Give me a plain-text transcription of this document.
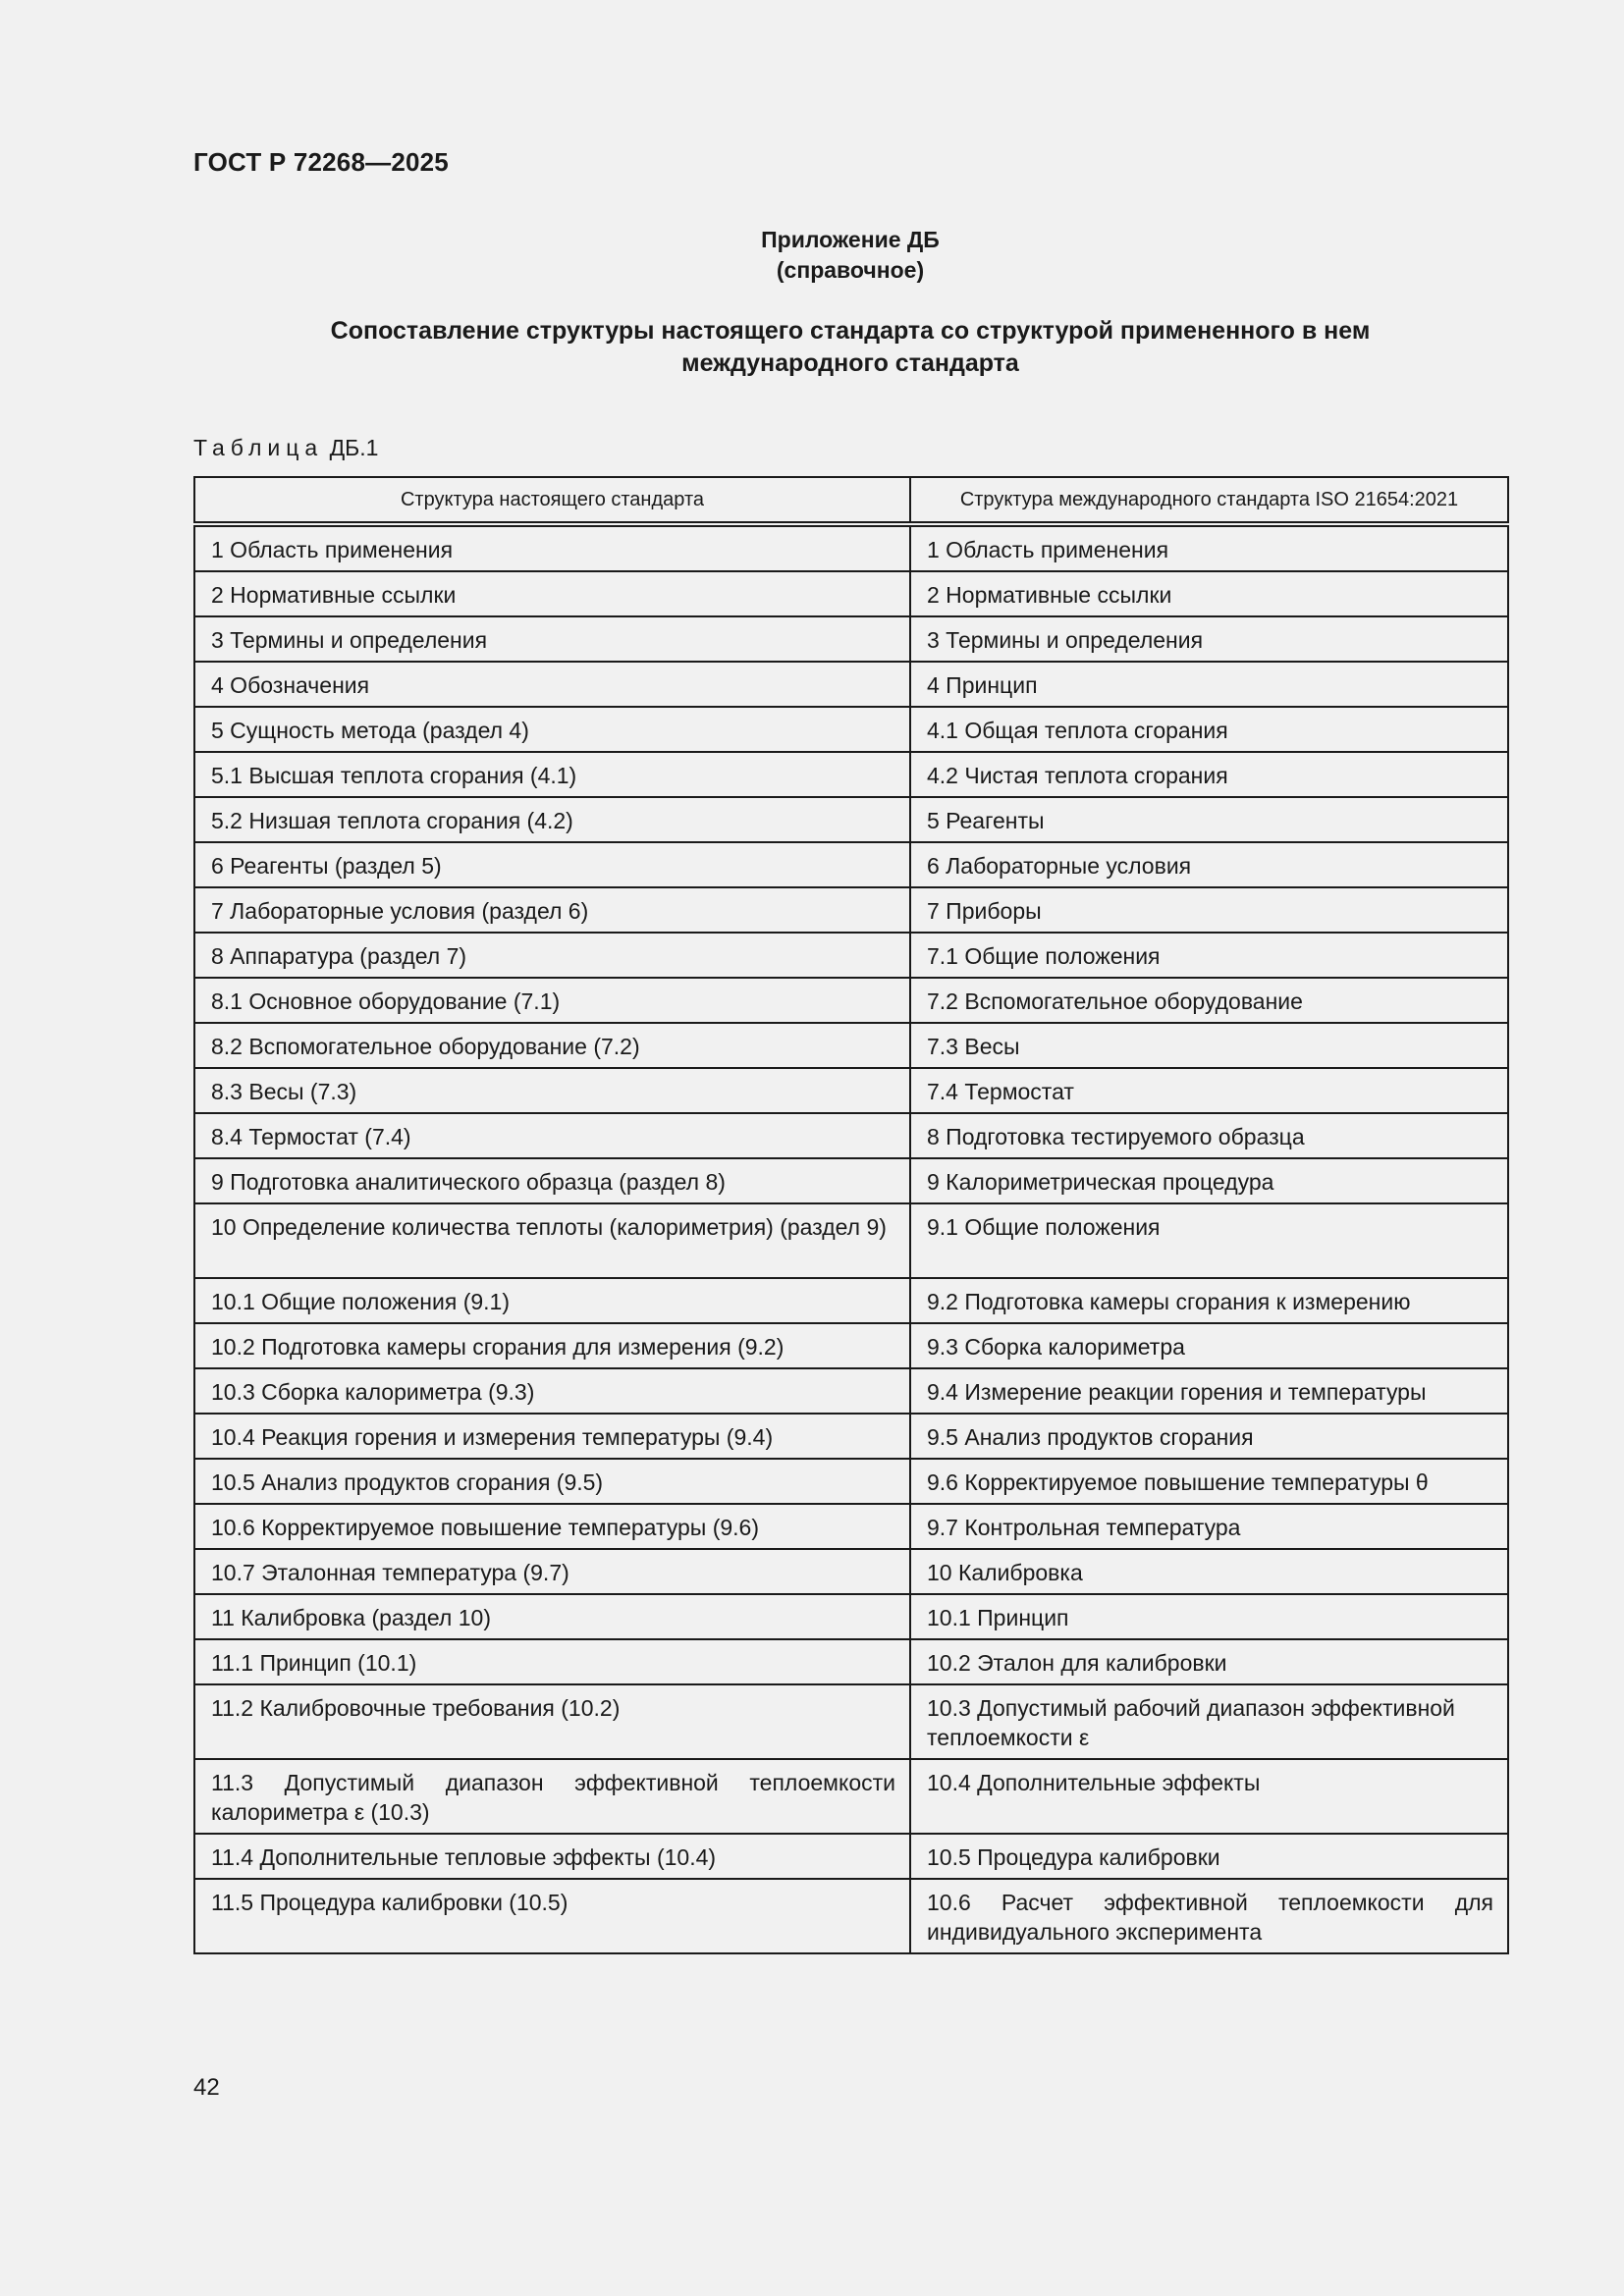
ГОСТ Р 72268—2025
Приложение ДБ
(справочное)
Сопоставление структуры настоящего стандарта со структурой примененного в нем
международного стандарта
Таблица ДБ.1
Структура настоящего стандарта	Структура международного стандарта ISO 21654:2021
1 Область применения	1 Область применения
2 Нормативные ссылки	2 Нормативные ссылки
3 Термины и определения	3 Термины и определения
4 Обозначения	4 Принцип
5 Сущность метода (раздел 4)	4.1 Общая теплота сгорания
5.1 Высшая теплота сгорания (4.1)	4.2 Чистая теплота сгорания
5.2 Низшая теплота сгорания (4.2)	5 Реагенты
6 Реагенты (раздел 5)	6 Лабораторные условия
7 Лабораторные условия (раздел 6)	7 Приборы
8 Аппаратура (раздел 7)	7.1 Общие положения
8.1 Основное оборудование (7.1)	7.2 Вспомогательное оборудование
8.2 Вспомогательное оборудование (7.2)	7.3 Весы
8.3 Весы (7.3)	7.4 Термостат
8.4 Термостат (7.4)	8 Подготовка тестируемого образца
9 Подготовка аналитического образца (раздел 8)	9 Калориметрическая процедура
10 Определение количества теплоты (калориметрия) (раздел 9)	9.1 Общие положения
10.1 Общие положения (9.1)	9.2 Подготовка камеры сгорания к измерению
10.2 Подготовка камеры сгорания для измерения (9.2)	9.3 Сборка калориметра
10.3 Сборка калориметра (9.3)	9.4 Измерение реакции горения и температуры
10.4 Реакция горения и измерения температуры (9.4)	9.5 Анализ продуктов сгорания
10.5 Анализ продуктов сгорания (9.5)	9.6 Корректируемое повышение температуры θ
10.6 Корректируемое повышение температуры (9.6)	9.7 Контрольная температура
10.7 Эталонная температура (9.7)	10 Калибровка
11 Калибровка (раздел 10)	10.1 Принцип
11.1 Принцип (10.1)	10.2 Эталон для калибровки
11.2 Калибровочные требования (10.2)	10.3 Допустимый рабочий диапазон эффективной теплоемкости ε
11.3 Допустимый диапазон эффективной теплоемкости калориметра ε (10.3)	10.4 Дополнительные эффекты
11.4 Дополнительные тепловые эффекты (10.4)	10.5 Процедура калибровки
11.5 Процедура калибровки (10.5)	10.6 Расчет эффективной теплоемкости для индивидуального эксперимента
42
